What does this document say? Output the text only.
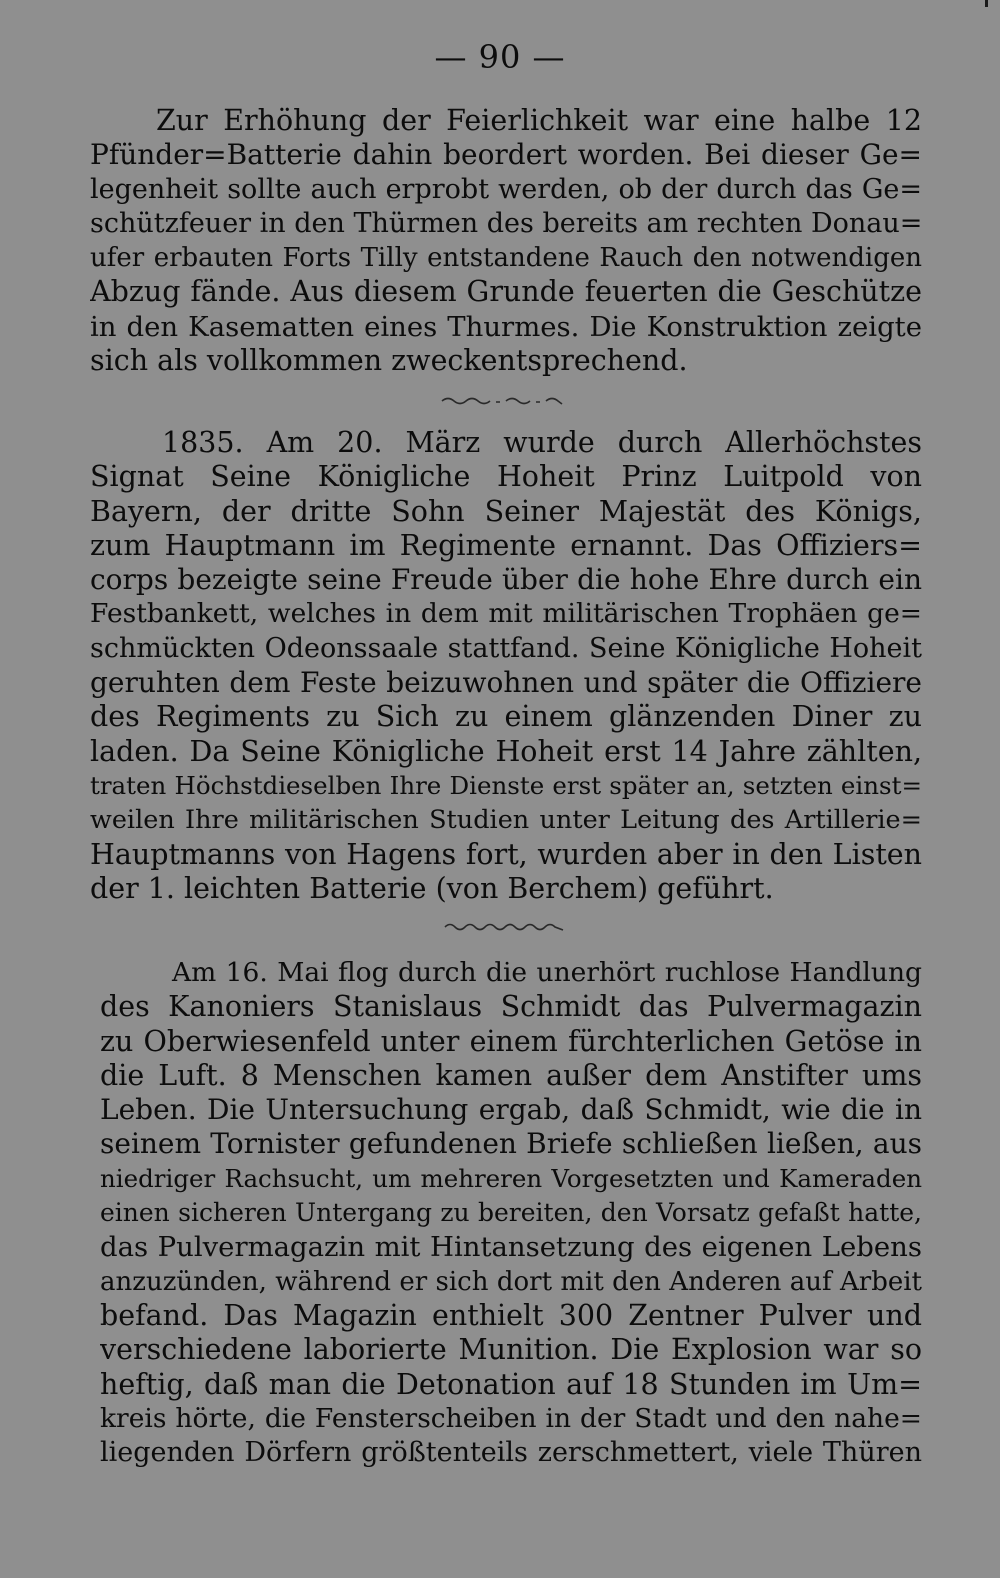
— 90 —
Zur Erhöhung der Feierlichkeit war eine halbe 12
Pfünder=Batterie dahin beordert worden. Bei dieser Ge=
legenheit sollte auch erprobt werden, ob der durch das Ge=
schützfeuer in den Thürmen des bereits am rechten Donau=
ufer erbauten Forts Tilly entstandene Rauch den notwendigen
Abzug fände. Aus diesem Grunde feuerten die Geschütze
in den Kasematten eines Thurmes. Die Konstruktion zeigte
sich als vollkommen zweckentsprechend.
1835. Am 20. März wurde durch Allerhöchstes
Signat Seine Königliche Hoheit Prinz Luitpold von
Bayern, der dritte Sohn Seiner Majestät des Königs,
zum Hauptmann im Regimente ernannt. Das Offiziers=
corps bezeigte seine Freude über die hohe Ehre durch ein
Festbankett, welches in dem mit militärischen Trophäen ge=
schmückten Odeonssaale stattfand. Seine Königliche Hoheit
geruhten dem Feste beizuwohnen und später die Offiziere
des Regiments zu Sich zu einem glänzenden Diner zu
laden. Da Seine Königliche Hoheit erst 14 Jahre zählten,
traten Höchstdieselben Ihre Dienste erst später an, setzten einst=
weilen Ihre militärischen Studien unter Leitung des Artillerie=
Hauptmanns von Hagens fort, wurden aber in den Listen
der 1. leichten Batterie (von Berchem) geführt.
Am 16. Mai flog durch die unerhört ruchlose Handlung
des Kanoniers Stanislaus Schmidt das Pulvermagazin
zu Oberwiesenfeld unter einem fürchterlichen Getöse in
die Luft. 8 Menschen kamen außer dem Anstifter ums
Leben. Die Untersuchung ergab, daß Schmidt, wie die in
seinem Tornister gefundenen Briefe schließen ließen, aus
niedriger Rachsucht, um mehreren Vorgesetzten und Kameraden
einen sicheren Untergang zu bereiten, den Vorsatz gefaßt hatte,
das Pulvermagazin mit Hintansetzung des eigenen Lebens
anzuzünden, während er sich dort mit den Anderen auf Arbeit
befand. Das Magazin enthielt 300 Zentner Pulver und
verschiedene laborierte Munition. Die Explosion war so
heftig, daß man die Detonation auf 18 Stunden im Um=
kreis hörte, die Fensterscheiben in der Stadt und den nahe=
liegenden Dörfern größtenteils zerschmettert, viele Thüren
